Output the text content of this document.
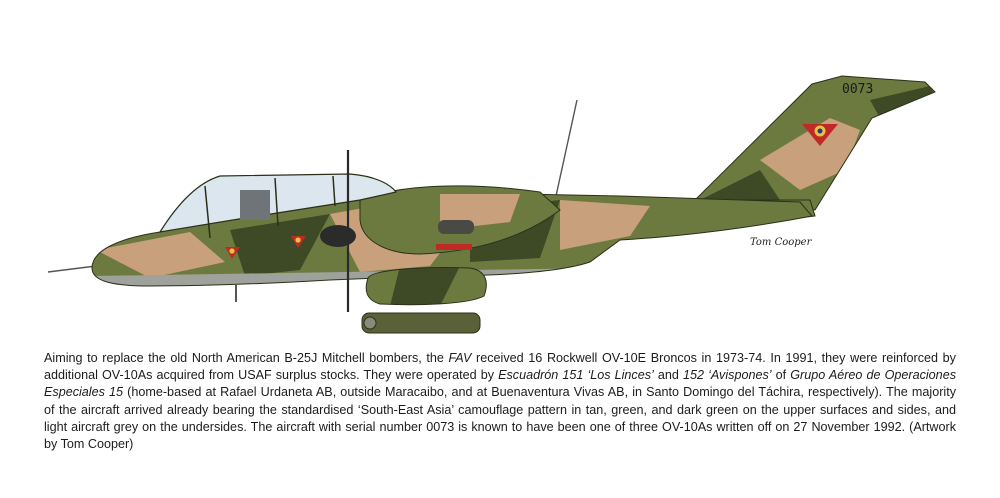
0073
Tom Cooper

Aiming to replace the old North American B-25J Mitchell bombers, the FAV received 16 Rockwell OV-10E Broncos in 1973-74. In 1991, they were reinforced by additional OV-10As acquired from USAF surplus stocks. They were operated by Escuadrón 151 ‘Los Linces’ and 152 ‘Avispones’ of Grupo Aéreo de Operaciones Especiales 15 (home-based at Rafael Urdaneta AB, outside Maracaibo, and at Buenaventura Vivas AB, in Santo Domingo del Táchira, respectively). The majority of the aircraft arrived already bearing the standardised ‘South-East Asia’ camouflage pattern in tan, green, and dark green on the upper surfaces and sides, and light aircraft grey on the undersides. The aircraft with serial number 0073 is known to have been one of three OV-10As written off on 27 November 1992. (Artwork by Tom Cooper)
